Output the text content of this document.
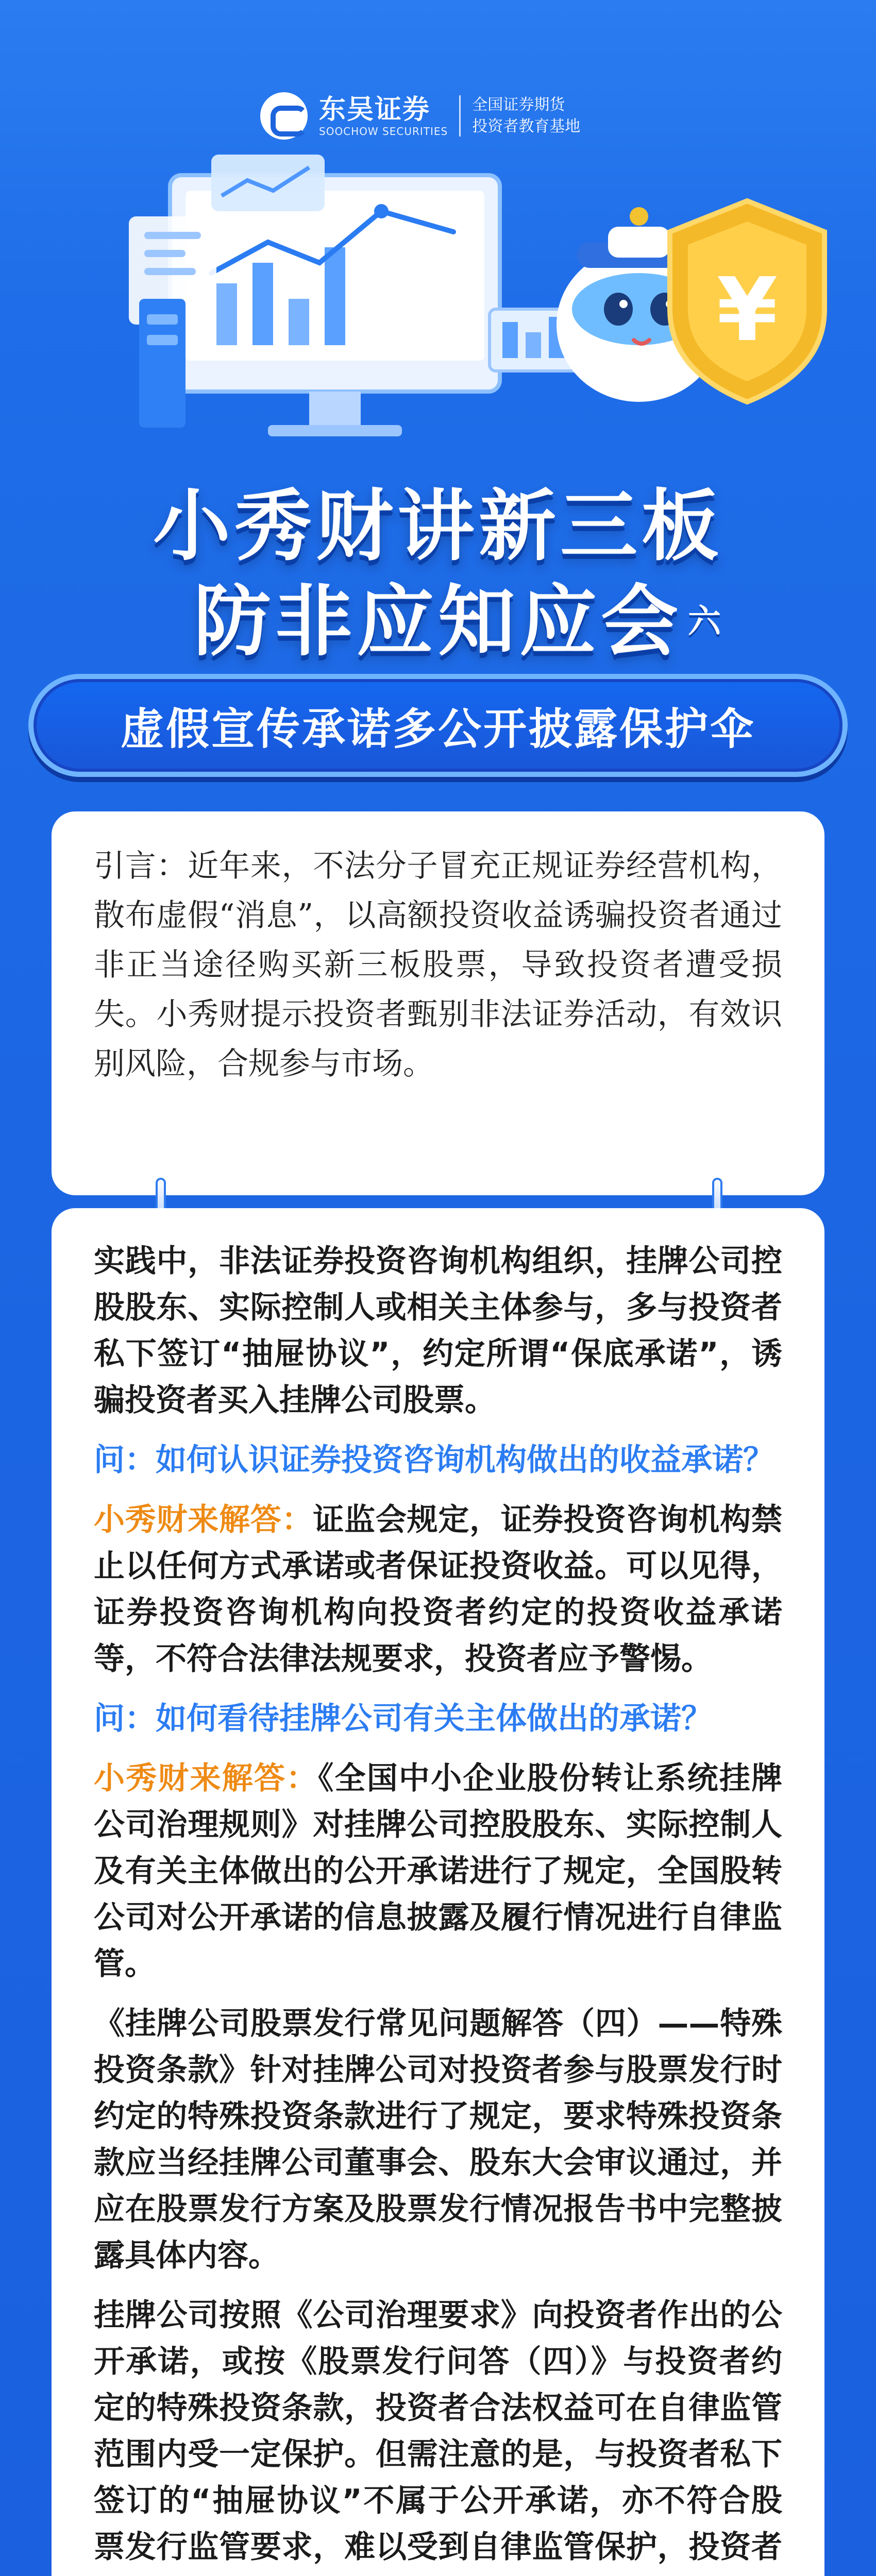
东吴证券
SOOCHOW SECURITIES
全国证券期货
投资者教育基地
¥
小秀财讲新三板
防非应知应会 六
虚假宣传承诺多公开披露保护伞

引言：近年来，不法分子冒充正规证券经营机构，散布虚假“消息”，以高额投资收益诱骗投资者通过非正当途径购买新三板股票，导致投资者遭受损失。小秀财提示投资者甄别非法证券活动，有效识别风险，合规参与市场。

实践中，非法证券投资咨询机构组织，挂牌公司控股股东、实际控制人或相关主体参与，多与投资者私下签订“抽屉协议”，约定所谓“保底承诺”，诱骗投资者买入挂牌公司股票。

问：如何认识证券投资咨询机构做出的收益承诺？

小秀财来解答：证监会规定，证券投资咨询机构禁止以任何方式承诺或者保证投资收益。可以见得，证券投资咨询机构向投资者约定的投资收益承诺等，不符合法律法规要求，投资者应予警惕。

问：如何看待挂牌公司有关主体做出的承诺？

小秀财来解答：《全国中小企业股份转让系统挂牌公司治理规则》对挂牌公司控股股东、实际控制人及有关主体做出的公开承诺进行了规定，全国股转公司对公开承诺的信息披露及履行情况进行自律监管。

《挂牌公司股票发行常见问题解答（四）——特殊投资条款》针对挂牌公司对投资者参与股票发行时约定的特殊投资条款进行了规定，要求特殊投资条款应当经挂牌公司董事会、股东大会审议通过，并应在股票发行方案及股票发行情况报告书中完整披露具体内容。

挂牌公司按照《公司治理要求》向投资者作出的公开承诺，或按《股票发行问答（四）》与投资者约定的特殊投资条款，投资者合法权益可在自律监管范围内受一定保护。但需注意的是，与投资者私下签订的“抽屉协议”不属于公开承诺，亦不符合股票发行监管要求，难以受到自律监管保护，投资者
